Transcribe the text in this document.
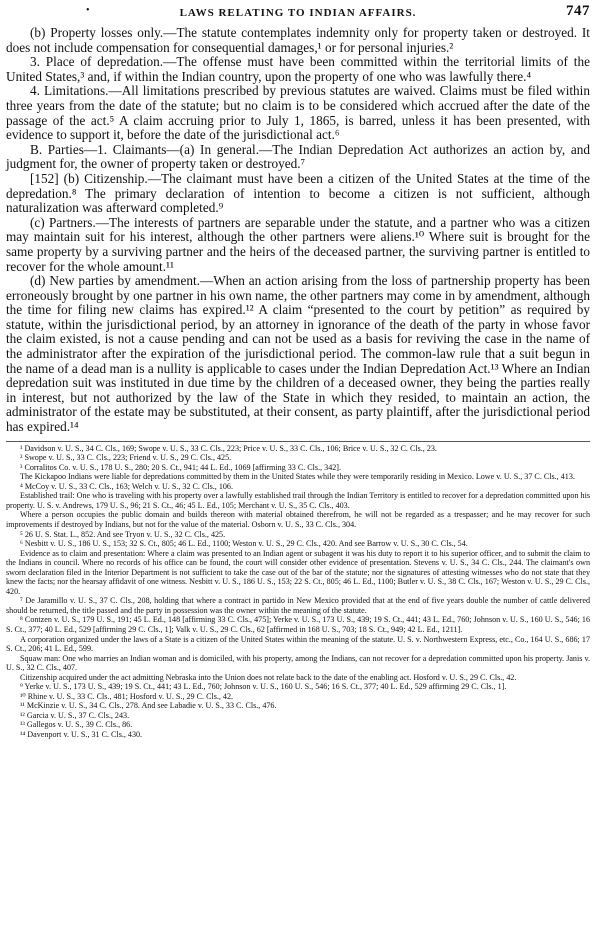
•	LAWS RELATING TO INDIAN AFFAIRS.	747

(b) Property losses only.—The statute contemplates indemnity only for property taken or destroyed. It does not include compensation for consequential damages,¹ or for personal injuries.²

3. Place of depredation.—The offense must have been committed within the territorial limits of the United States,³ and, if within the Indian country, upon the property of one who was lawfully there.⁴

4. Limitations.—All limitations prescribed by previous statutes are waived. Claims must be filed within three years from the date of the statute; but no claim is to be considered which accrued after the date of the passage of the act.⁵ A claim accruing prior to July 1, 1865, is barred, unless it has been presented, with evidence to support it, before the date of the jurisdictional act.⁶

B. Parties—1. Claimants—(a) In general.—The Indian Depredation Act authorizes an action by, and judgment for, the owner of property taken or destroyed.⁷

[152] (b) Citizenship.—The claimant must have been a citizen of the United States at the time of the depredation.⁸ The primary declaration of intention to become a citizen is not sufficient, although naturalization was afterward completed.⁹

(c) Partners.—The interests of partners are separable under the statute, and a partner who was a citizen may maintain suit for his interest, although the other partners were aliens.¹⁰ Where suit is brought for the same property by a surviving partner and the heirs of the deceased partner, the surviving partner is entitled to recover for the whole amount.¹¹

(d) New parties by amendment.—When an action arising from the loss of partnership property has been erroneously brought by one partner in his own name, the other partners may come in by amendment, although the time for filing new claims has expired.¹² A claim “presented to the court by petition” as required by statute, within the jurisdictional period, by an attorney in ignorance of the death of the party in whose favor the claim existed, is not a cause pending and can not be used as a basis for reviving the case in the name of the administrator after the expiration of the jurisdictional period. The common-law rule that a suit begun in the name of a dead man is a nullity is applicable to cases under the Indian Depredation Act.¹³ Where an Indian depredation suit was instituted in due time by the children of a deceased owner, they being the parties really in interest, but not authorized by the law of the State in which they resided, to maintain an action, the administrator of the estate may be substituted, at their consent, as party plaintiff, after the jurisdictional period has expired.¹⁴

¹ Davidson v. U. S., 34 C. Cls., 169; Swope v. U. S., 33 C. Cls., 223; Price v. U. S., 33 C. Cls., 106; Brice v. U. S., 32 C. Cls., 23.

² Swope v. U. S., 33 C. Cls., 223; Friend v. U. S., 29 C. Cls., 425.

³ Corralitos Co. v. U. S., 178 U. S., 280; 20 S. Ct., 941; 44 L. Ed., 1069 [affirming 33 C. Cls., 342].

The Kickapoo Indians were liable for depredations committed by them in the United States while they were temporarily residing in Mexico. Lowe v. U. S., 37 C. Cls., 413.

⁴ McCoy v. U. S., 33 C. Cls., 163; Welch v. U. S., 32 C. Cls., 106.

Established trail: One who is traveling with his property over a lawfully established trail through the Indian Territory is entitled to recover for a depredation committed upon his property. U. S. v. Andrews, 179 U. S., 96; 21 S. Ct., 46; 45 L. Ed., 105; Merchant v. U. S., 35 C. Cls., 403.

Where a person occupies the public domain and builds thereon with material obtained therefrom, he will not be regarded as a trespasser; and he may recover for such improvements if destroyed by Indians, but not for the value of the material. Osborn v. U. S., 33 C. Cls., 304.

⁵ 26 U. S. Stat. L., 852. And see Tryon v. U. S., 32 C. Cls., 425.

⁶ Nesbitt v. U. S., 186 U. S., 153; 32 S. Ct., 805; 46 L. Ed., 1100; Weston v. U. S., 29 C. Cls., 420. And see Barrow v. U. S., 30 C. Cls., 54.

Evidence as to claim and presentation: Where a claim was presented to an Indian agent or subagent it was his duty to report it to his superior officer, and to submit the claim to the Indians in council. Where no records of his office can be found, the court will consider other evidence of presentation. Stevens v. U. S., 34 C. Cls., 244. The claimant's own sworn declaration filed in the Interior Department is not sufficient to take the case out of the bar of the statute; nor the signatures of attesting witnesses who do not state that they knew the facts; nor the hearsay affidavit of one witness. Nesbitt v. U. S., 186 U. S., 153; 22 S. Ct., 805; 46 L. Ed., 1100; Butler v. U. S., 38 C. Cls., 167; Weston v. U. S., 29 C. Cls., 420.

⁷ De Jaramillo v. U. S., 37 C. Cls., 208, holding that where a contract in partido in New Mexico provided that at the end of five years double the number of cattle delivered should be returned, the title passed and the party in possession was the owner within the meaning of the statute.

⁸ Contzen v. U. S., 179 U. S., 191; 45 L. Ed., 148 [affirming 33 C. Cls., 475]; Yerke v. U. S., 173 U. S., 439; 19 S. Ct., 441; 43 L. Ed., 760; Johnson v. U. S., 160 U. S., 546; 16 S. Ct., 377; 40 L. Ed., 529 [affirming 29 C. Cls., 1]; Valk v. U. S., 29 C. Cls., 62 [affirmed in 168 U. S., 703; 18 S. Ct., 949; 42 L. Ed., 1211].

A corporation organized under the laws of a State is a citizen of the United States within the meaning of the statute. U. S. v. Northwestern Express, etc., Co., 164 U. S., 686; 17 S. Ct., 206; 41 L. Ed., 599.

Squaw man: One who marries an Indian woman and is domiciled, with his property, among the Indians, can not recover for a depredation committed upon his property. Janis v. U. S., 32 C. Cls., 407.

Citizenship acquired under the act admitting Nebraska into the Union does not relate back to the date of the enabling act. Hosford v. U. S., 29 C. Cls., 42.

⁹ Yerke v. U. S., 173 U. S., 439; 19 S. Ct., 441; 43 L. Ed., 760; Johnson v. U. S., 160 U. S., 546; 16 S. Ct., 377; 40 L. Ed., 529 affirming 29 C. Cls., 1].

¹⁰ Rhine v. U. S., 33 C. Cls., 481; Hosford v. U. S., 29 C. Cls., 42.

¹¹ McKinzie v. U. S., 34 C. Cls., 278. And see Labadie v. U. S., 33 C. Cls., 476.

¹² Garcia v. U. S., 37 C. Cls., 243.

¹³ Gallegos v. U. S., 39 C. Cls., 86.

¹⁴ Davenport v. U. S., 31 C. Cls., 430.
